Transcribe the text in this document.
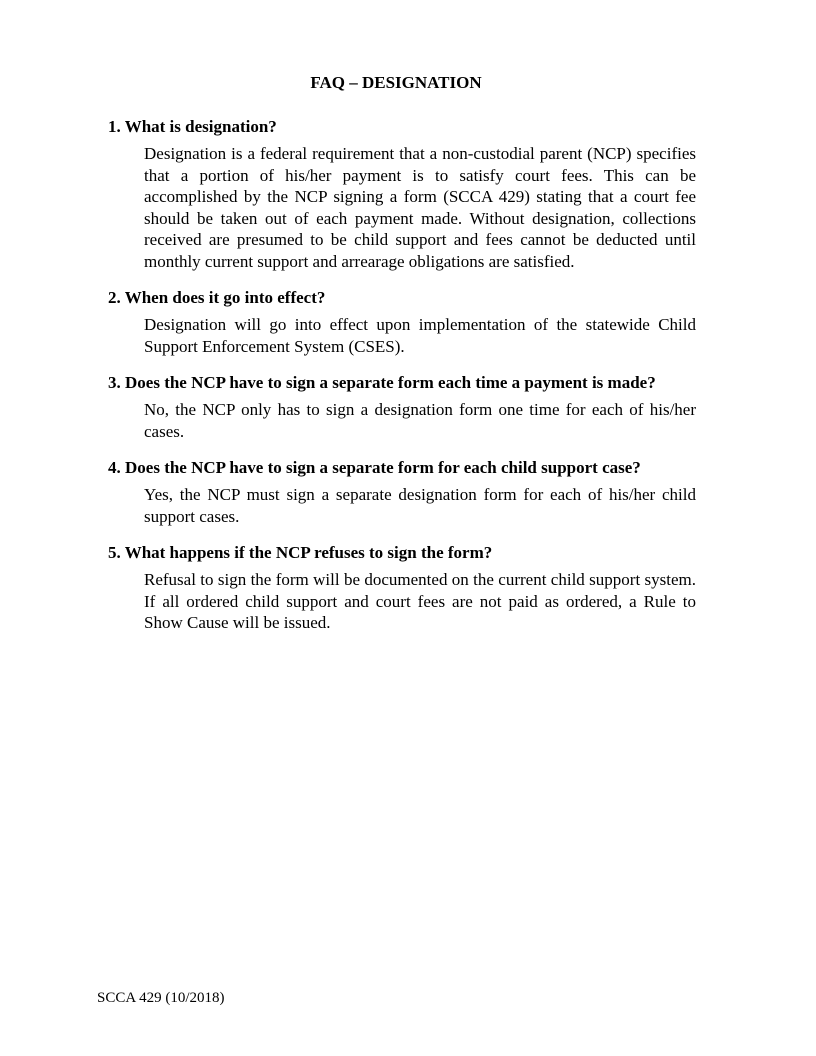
FAQ – DESIGNATION
1. What is designation?

Designation is a federal requirement that a non-custodial parent (NCP) specifies that a portion of his/her payment is to satisfy court fees. This can be accomplished by the NCP signing a form (SCCA 429) stating that a court fee should be taken out of each payment made. Without designation, collections received are presumed to be child support and fees cannot be deducted until monthly current support and arrearage obligations are satisfied.

2. When does it go into effect?

Designation will go into effect upon implementation of the statewide Child Support Enforcement System (CSES).

3. Does the NCP have to sign a separate form each time a payment is made?

No, the NCP only has to sign a designation form one time for each of his/her cases.

4. Does the NCP have to sign a separate form for each child support case?

Yes, the NCP must sign a separate designation form for each of his/her child support cases.

5. What happens if the NCP refuses to sign the form?

Refusal to sign the form will be documented on the current child support system. If all ordered child support and court fees are not paid as ordered, a Rule to Show Cause will be issued.

SCCA 429 (10/2018)
